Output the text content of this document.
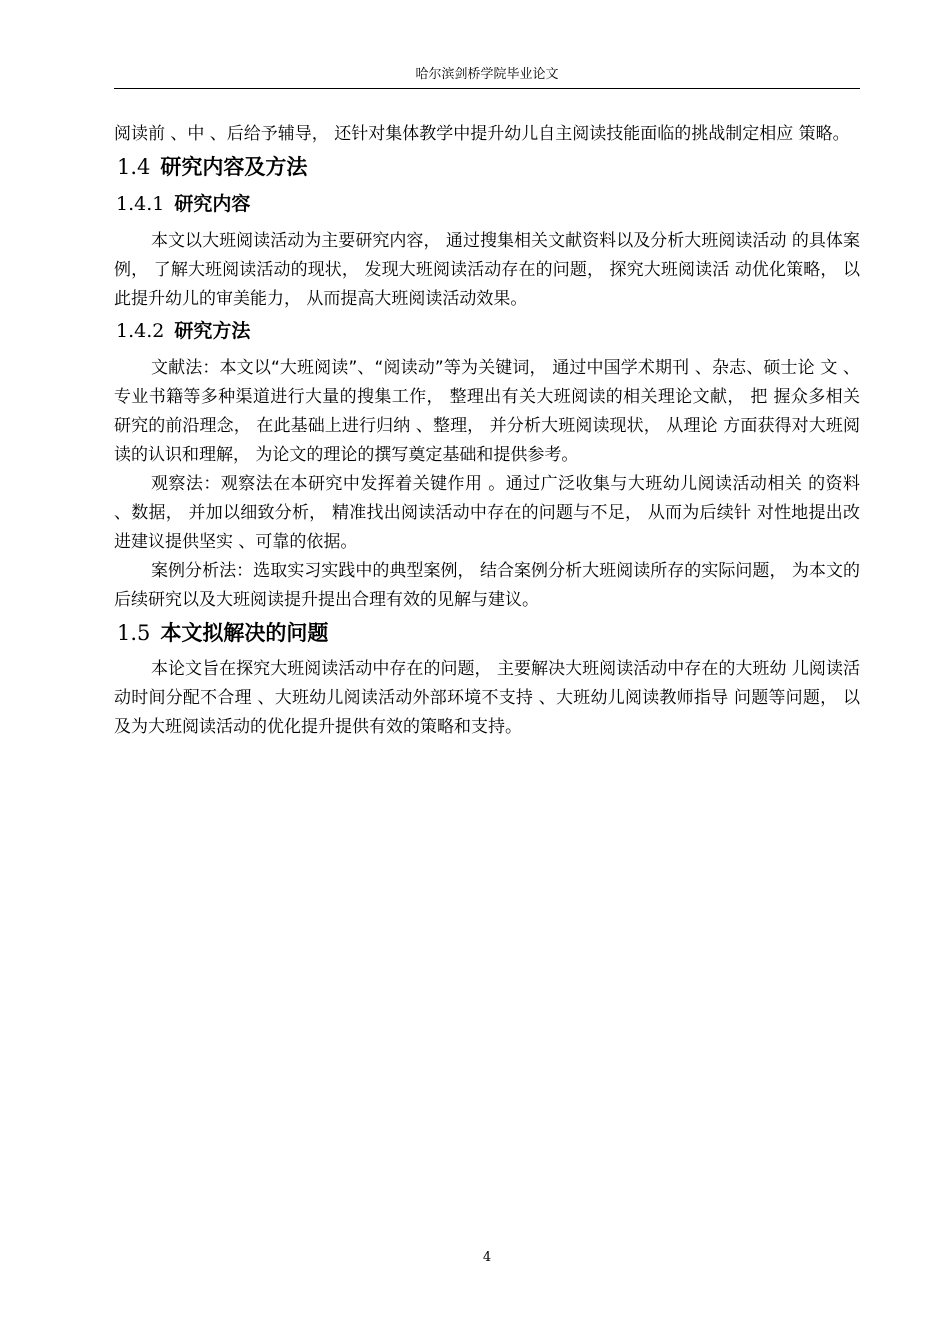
哈尔滨剑桥学院毕业论文

阅读前 、中 、后给予辅导， 还针对集体教学中提升幼儿自主阅读技能面临的挑战制定相应 策略。

1.4 研究内容及方法
1.4.1 研究内容

本文以大班阅读活动为主要研究内容， 通过搜集相关文献资料以及分析大班阅读活动 的具体案例， 了解大班阅读活动的现状， 发现大班阅读活动存在的问题， 探究大班阅读活 动优化策略， 以此提升幼儿的审美能力， 从而提高大班阅读活动效果。

1.4.2 研究方法

文献法：本文以“大班阅读”、“阅读动”等为关键词， 通过中国学术期刊 、杂志、硕士论 文 、专业书籍等多种渠道进行大量的搜集工作， 整理出有关大班阅读的相关理论文献， 把 握众多相关研究的前沿理念， 在此基础上进行归纳 、整理， 并分析大班阅读现状， 从理论 方面获得对大班阅读的认识和理解， 为论文的理论的撰写奠定基础和提供参考。

观察法：观察法在本研究中发挥着关键作用 。通过广泛收集与大班幼儿阅读活动相关 的资料 、数据， 并加以细致分析， 精准找出阅读活动中存在的问题与不足， 从而为后续针 对性地提出改进建议提供坚实 、可靠的依据。

案例分析法：选取实习实践中的典型案例， 结合案例分析大班阅读所存的实际问题， 为本文的后续研究以及大班阅读提升提出合理有效的见解与建议。

1.5 本文拟解决的问题

本论文旨在探究大班阅读活动中存在的问题， 主要解决大班阅读活动中存在的大班幼 儿阅读活动时间分配不合理 、大班幼儿阅读活动外部环境不支持 、大班幼儿阅读教师指导 问题等问题， 以及为大班阅读活动的优化提升提供有效的策略和支持。

4
